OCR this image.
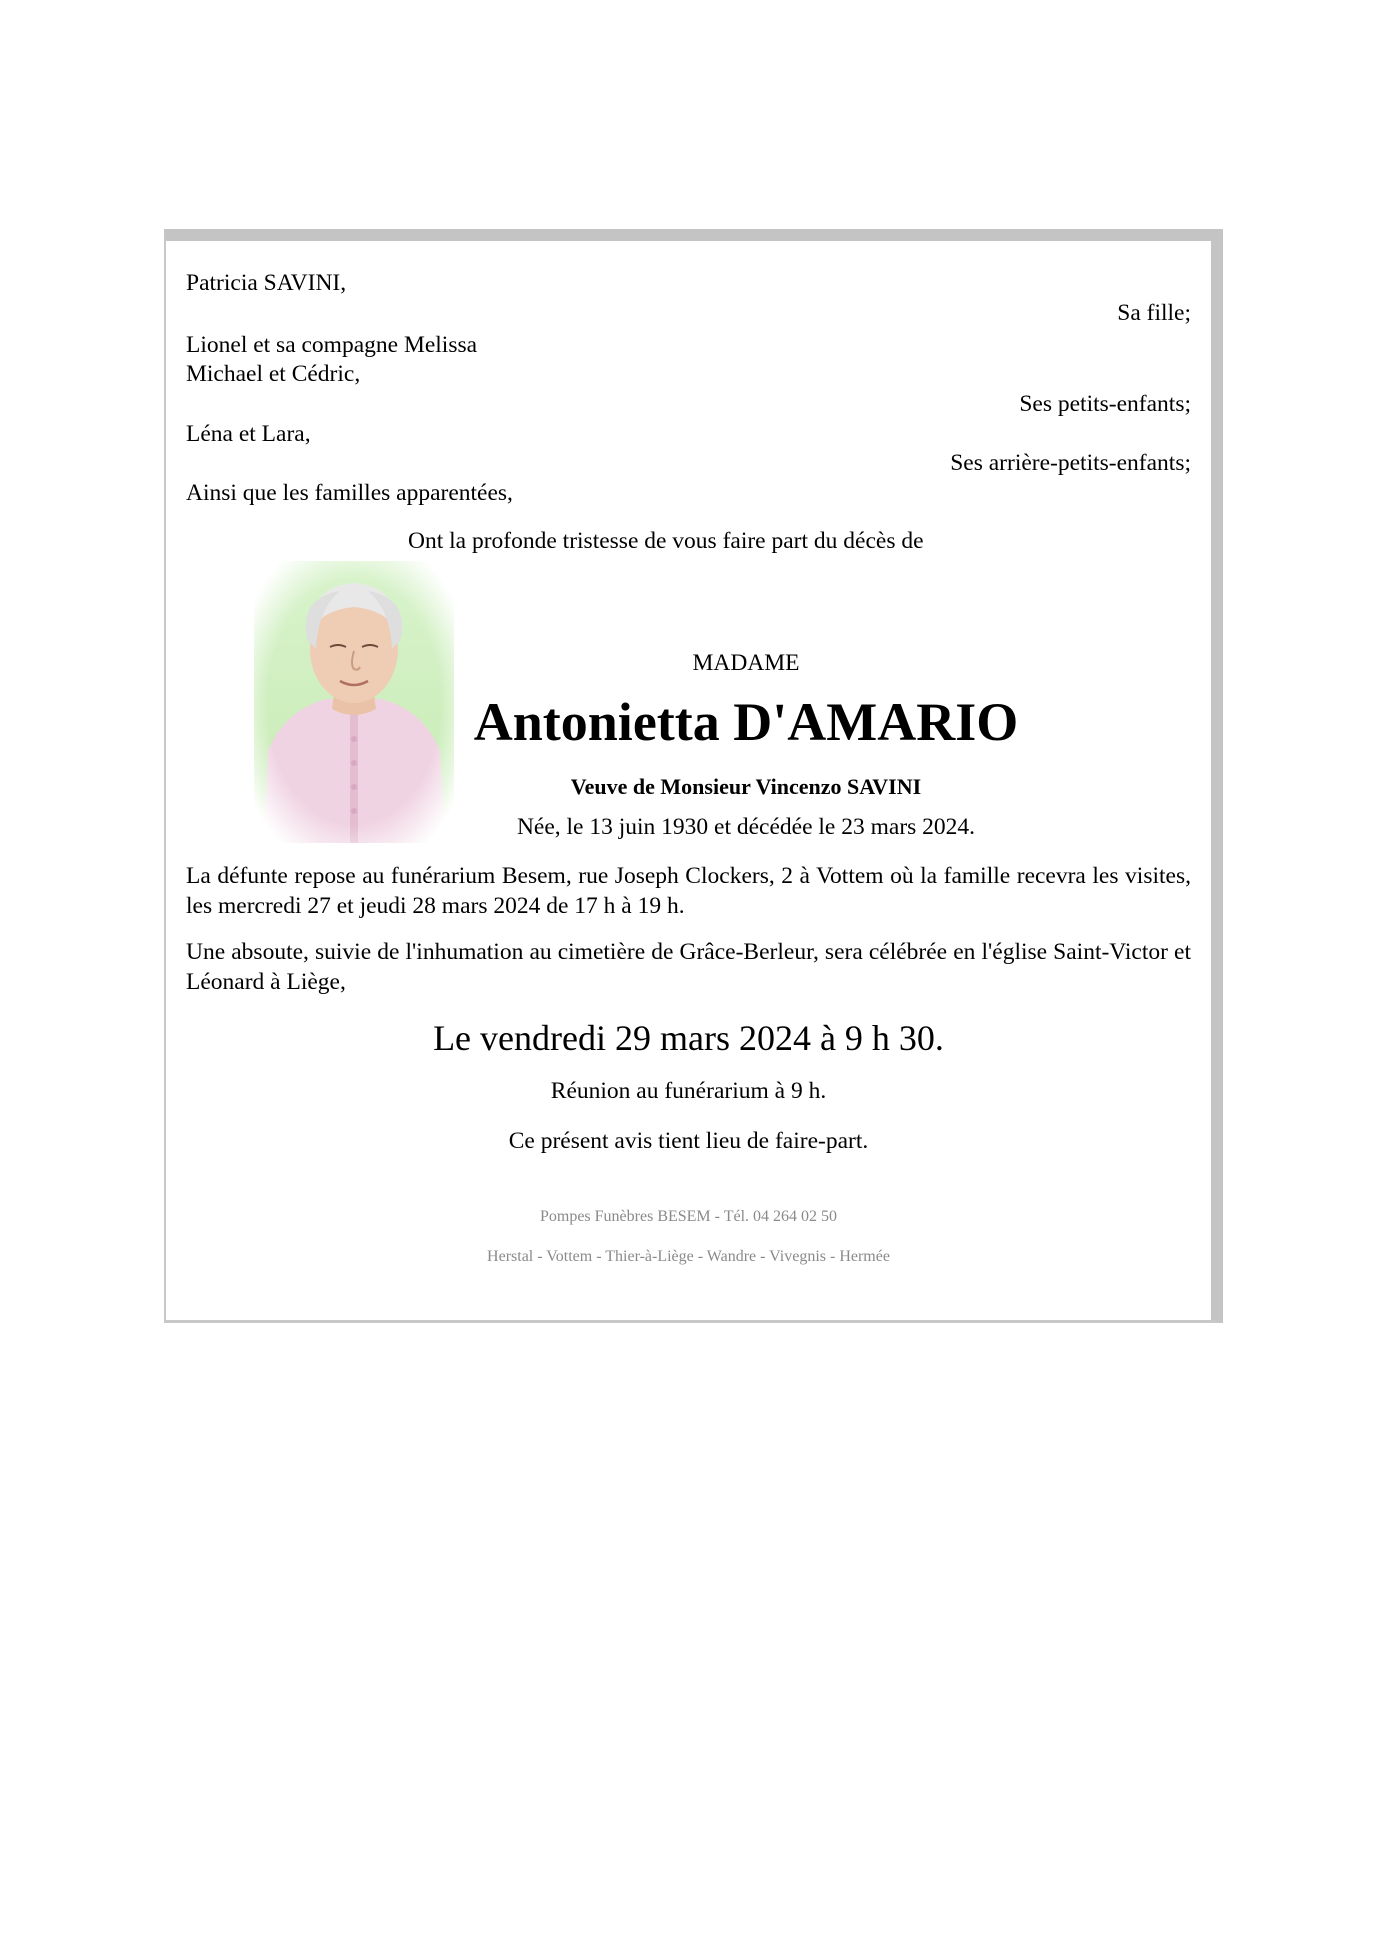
Patricia SAVINI,
Sa fille;
Lionel et sa compagne Melissa
Michael et Cédric,
Ses petits-enfants;
Léna et Lara,
Ses arrière-petits-enfants;
Ainsi que les familles apparentées,
Ont la profonde tristesse de vous faire part du décès de
MADAME
Antonietta D'AMARIO
Veuve de Monsieur Vincenzo SAVINI
Née, le 13 juin 1930 et décédée le 23 mars 2024.
La défunte repose au funérarium Besem, rue Joseph Clockers, 2 à Vottem où la famille recevra les visites, les mercredi 27 et jeudi 28 mars 2024 de 17 h à 19 h.
Une absoute, suivie de l'inhumation au cimetière de Grâce-Berleur, sera célébrée en l'église Saint-Victor et Léonard à Liège,
Le vendredi 29 mars 2024 à 9 h 30.
Réunion au funérarium à 9 h.
Ce présent avis tient lieu de faire-part.
Pompes Funèbres BESEM - Tél. 04 264 02 50
Herstal - Vottem - Thier-à-Liège - Wandre - Vivegnis - Hermée
